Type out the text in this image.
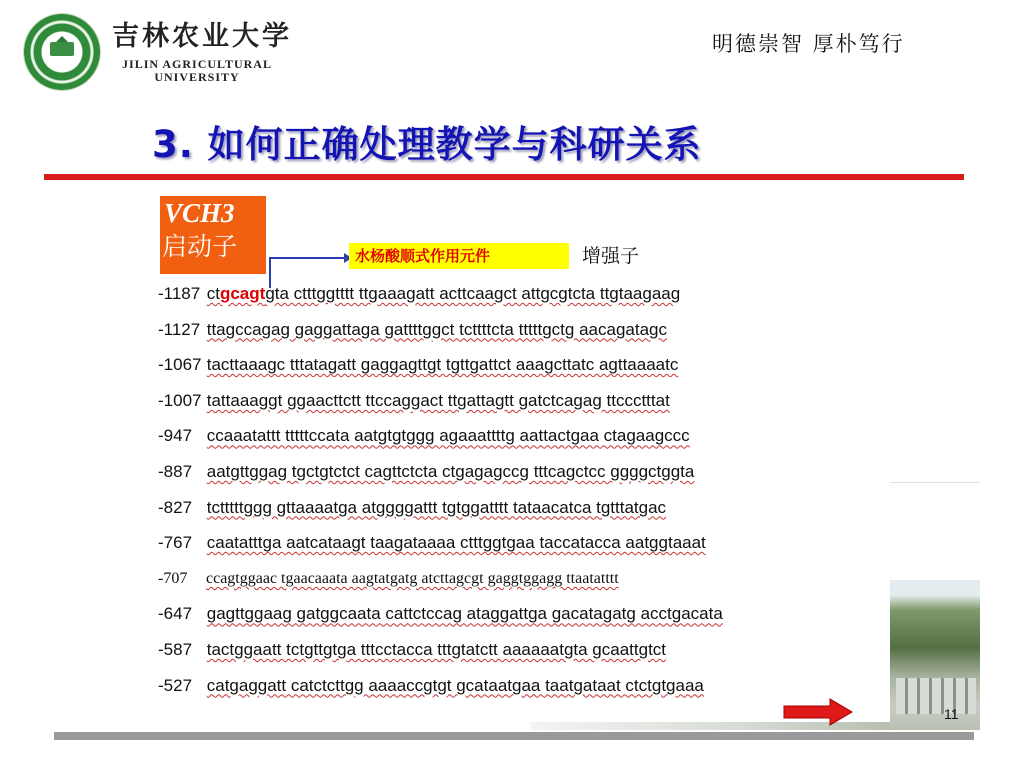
吉林农业大学
JILIN AGRICULTURAL
UNIVERSITY
明德崇智 厚朴笃行
3. 如何正确处理教学与科研关系
VCH3
启动子	水杨酸顺式作用元件	增强子
-1187 ctgcagtgta ctttggtttt ttgaaagatt acttcaagct attgcgtcta ttgtaagaag
-1127 ttagccagag gaggattaga gattttggct tcttttcta tttttgctg aacagatagc
-1067 tacttaaagc tttatagatt gaggagttgt tgttgattct aaagcttatc agttaaaatc
-1007 tattaaaggt ggaacttctt ttccaggact ttgattagtt gatctcagag ttccctttat
-947 ccaaatattt tttttccata aatgtgtggg agaaattttg aattactgaa ctagaagccc
-887 aatgttggag tgctgtctct cagttctcta ctgagagccg tttcagctcc ggggctggta
-827 tctttttggg gttaaaatga atggggattt tgtggatttt tataacatca tgtttatgac
-767 caatatttga aatcataagt taagataaaa ctttggtgaa taccatacca aatggtaaat
-707 ccagtggaac tgaacaaata aagtatgatg atcttagcgt gaggtggagg ttaatatttt
-647 gagttggaag gatggcaata cattctccag ataggattga gacatagatg acctgacata
-587 tactggaatt tctgttgtga tttcctacca tttgtatctt aaaaaatgta gcaattgtct
-527 catgaggatt catctcttgg aaaaccgtgt gcataatgaa taatgataat ctctgtgaaa
11
